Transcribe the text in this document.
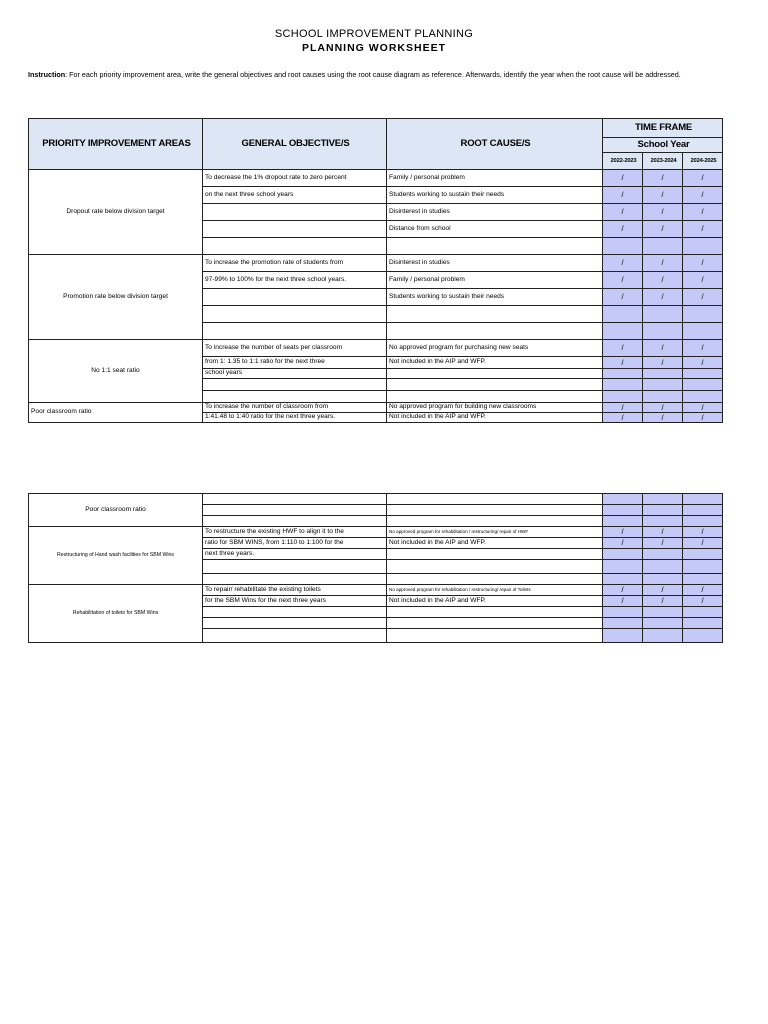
SCHOOL IMPROVEMENT PLANNING
PLANNING WORKSHEET
Instruction: For each priority improvement area, write the general objectives and root causes using the root cause diagram as reference. Afterwards, identify the year when the root cause will be addressed.
PRIORITY IMPROVEMENT AREAS	GENERAL OBJECTIVE/S	ROOT CAUSE/S	TIME FRAME		
			School Year		
			2022-2023	2023-2024	2024-2025
Dropout rate below division target	To decrease the 1% dropout rate to zero percent	Family / personal problem	/	/	/
	on the next three school years	Students working to sustain their needs	/	/	/
		Disinterest in studies	/	/	/
		Distance from school	/	/	/

Promotion rate below division target	To increase the promotion rate of students from	Disinterest in studies	/	/	/
	97-99% to 100% for the next three school years.	Family / personal problem	/	/	/
		Students working to sustain their needs	/	/	/

No 1:1 seat ratio	To increase the number of seats per classroom	No approved program for purchasing new seats	/	/	/
	from 1: 1.35 to 1:1 ratio for the next three	Not included in the AIP and WFP.	/	/	/
	school years				

Poor classroom ratio	To increase the number of classroom from	No approved program for building new classrooms	/	/	/
	1:41.48 to 1:40 ratio for the next three years.	Not included in the AIP and WFP.	/	/	/
Poor classroom ratio					

Restructuring of Hand wash facilities for SBM Wins	To restructure the existing HWF to align it to the	No approved program for rehabilitation / restructuring/ repair of HWF	/	/	/
	ratio for SBM WINS, from 1:110 to 1:100 for the	Not included in the AIP and WFP.	/	/	/
	next three years.				

Rehabilitation of toilets for SBM Wins	To repair/ rehabilitate the existing toilets	No approved program for rehabilitation / restructuring/ repair of Toilets	/	/	/
	for the SBM Wins for the next three years	Not included in the AIP and WFP.	/	/	/
